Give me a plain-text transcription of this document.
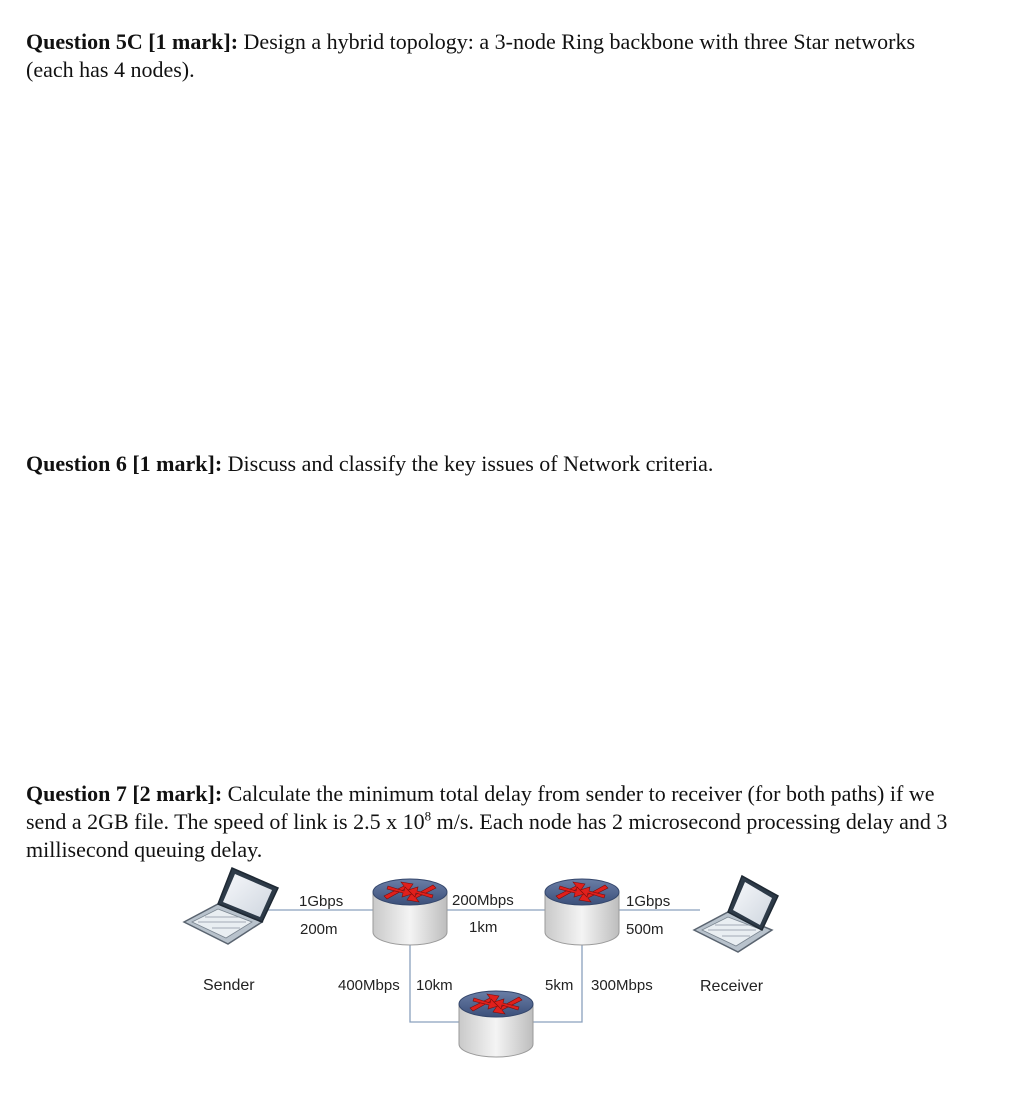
Question 5C [1 mark]: Design a hybrid topology: a 3-node Ring backbone with three Star networks (each has 4 nodes).
Question 6 [1 mark]: Discuss and classify the key issues of Network criteria.
Question 7 [2 mark]: Calculate the minimum total delay from sender to receiver (for both paths) if we send a 2GB file. The speed of link is 2.5 x $10^8$ m/s. Each node has 2 microsecond processing delay and 3 millisecond queuing delay.
1Gbps
200m
200Mbps
1km
1Gbps
500m
400Mbps 10km	5km 300Mbps
Sender	Receiver
